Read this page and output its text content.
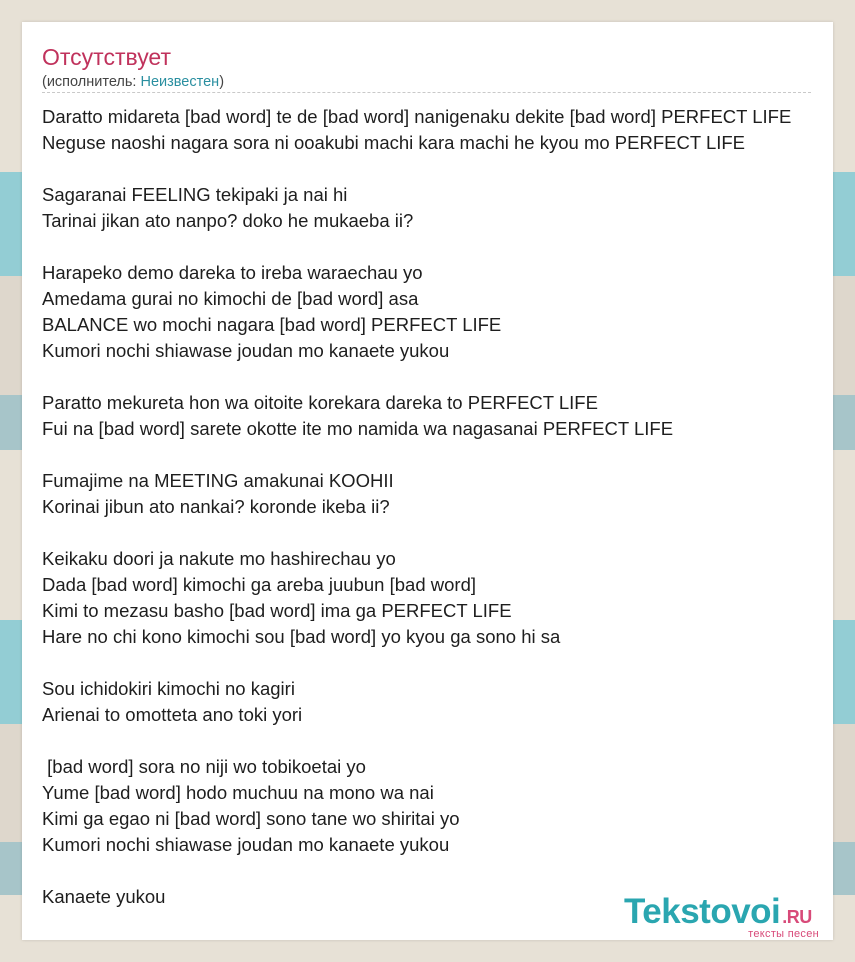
Отсутствует
(исполнитель: Неизвестен)
Daratto midareta [bad word] te de [bad word] nanigenaku dekite [bad word] PERFECT LIFE
Neguse naoshi nagara sora ni ooakubi machi kara machi he kyou mo PERFECT LIFE

Sagaranai FEELING tekipaki ja nai hi
Tarinai jikan ato nanpo? doko he mukaeba ii?

Harapeko demo dareka to ireba waraechau yo
Amedama gurai no kimochi de [bad word] asa
BALANCE wo mochi nagara [bad word] PERFECT LIFE
Kumori nochi shiawase joudan mo kanaete yukou

Paratto mekureta hon wa oitoite korekara dareka to PERFECT LIFE
Fui na [bad word] sarete okotte ite mo namida wa nagasanai PERFECT LIFE

Fumajime na MEETING amakunai KOOHII
Korinai jibun ato nankai? koronde ikeba ii?

Keikaku doori ja nakute mo hashirechau yo
Dada [bad word] kimochi ga areba juubun [bad word]
Kimi to mezasu basho [bad word] ima ga PERFECT LIFE
Hare no chi kono kimochi sou [bad word] yo kyou ga sono hi sa

Sou ichidokiri kimochi no kagiri
Arienai to omotteta ano toki yori

[bad word] sora no niji wo tobikoetai yo
Yume [bad word] hodo muchuu na mono wa nai
Kimi ga egao ni [bad word] sono tane wo shiritai yo
Kumori nochi shiawase joudan mo kanaete yukou

Kanaete yukou	Tekstovoi .RU
тексты песен
